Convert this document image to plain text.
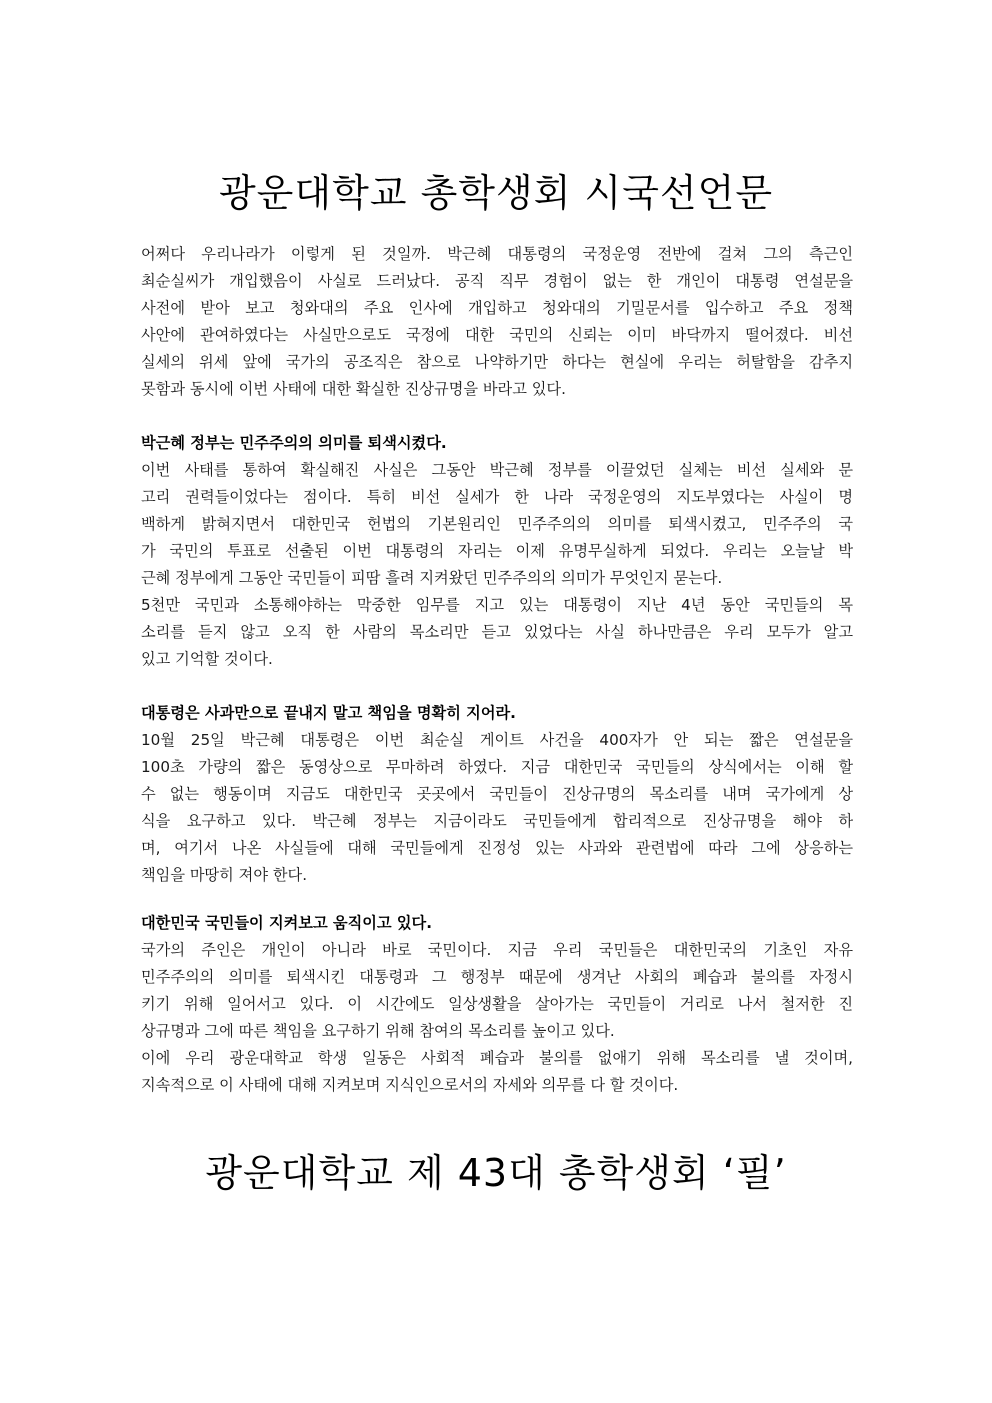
광운대학교 총학생회 시국선언문
어쩌다 우리나라가 이렇게 된 것일까. 박근혜 대통령의 국정운영 전반에 걸쳐 그의 측근인
최순실씨가 개입했음이 사실로 드러났다. 공직 직무 경험이 없는 한 개인이 대통령 연설문을
사전에 받아 보고 청와대의 주요 인사에 개입하고 청와대의 기밀문서를 입수하고 주요 정책
사안에 관여하였다는 사실만으로도 국정에 대한 국민의 신뢰는 이미 바닥까지 떨어졌다. 비선
실세의 위세 앞에 국가의 공조직은 참으로 나약하기만 하다는 현실에 우리는 허탈함을 감추지
못함과 동시에 이번 사태에 대한 확실한 진상규명을 바라고 있다.
박근혜 정부는 민주주의의 의미를 퇴색시켰다.
이번 사태를 통하여 확실해진 사실은 그동안 박근혜 정부를 이끌었던 실체는 비선 실세와 문
고리 권력들이었다는 점이다. 특히 비선 실세가 한 나라 국정운영의 지도부였다는 사실이 명
백하게 밝혀지면서 대한민국 헌법의 기본원리인 민주주의의 의미를 퇴색시켰고, 민주주의 국
가 국민의 투표로 선출된 이번 대통령의 자리는 이제 유명무실하게 되었다. 우리는 오늘날 박
근혜 정부에게 그동안 국민들이 피땀 흘려 지켜왔던 민주주의의 의미가 무엇인지 묻는다.
5천만 국민과 소통해야하는 막중한 임무를 지고 있는 대통령이 지난 4년 동안 국민들의 목
소리를 듣지 않고 오직 한 사람의 목소리만 듣고 있었다는 사실 하나만큼은 우리 모두가 알고
있고 기억할 것이다.
대통령은 사과만으로 끝내지 말고 책임을 명확히 지어라.
10월 25일 박근혜 대통령은 이번 최순실 게이트 사건을 400자가 안 되는 짧은 연설문을
100초 가량의 짧은 동영상으로 무마하려 하였다. 지금 대한민국 국민들의 상식에서는 이해 할
수 없는 행동이며 지금도 대한민국 곳곳에서 국민들이 진상규명의 목소리를 내며 국가에게 상
식을 요구하고 있다. 박근혜 정부는 지금이라도 국민들에게 합리적으로 진상규명을 해야 하
며, 여기서 나온 사실들에 대해 국민들에게 진정성 있는 사과와 관련법에 따라 그에 상응하는
책임을 마땅히 져야 한다.
대한민국 국민들이 지켜보고 움직이고 있다.
국가의 주인은 개인이 아니라 바로 국민이다. 지금 우리 국민들은 대한민국의 기초인 자유
민주주의의 의미를 퇴색시킨 대통령과 그 행정부 때문에 생겨난 사회의 폐습과 불의를 자정시
키기 위해 일어서고 있다. 이 시간에도 일상생활을 살아가는 국민들이 거리로 나서 철저한 진
상규명과 그에 따른 책임을 요구하기 위해 참여의 목소리를 높이고 있다.
이에 우리 광운대학교 학생 일동은 사회적 폐습과 불의를 없애기 위해 목소리를 낼 것이며,
지속적으로 이 사태에 대해 지켜보며 지식인으로서의 자세와 의무를 다 할 것이다.
광운대학교 제 43대 총학생회 ‘필’
